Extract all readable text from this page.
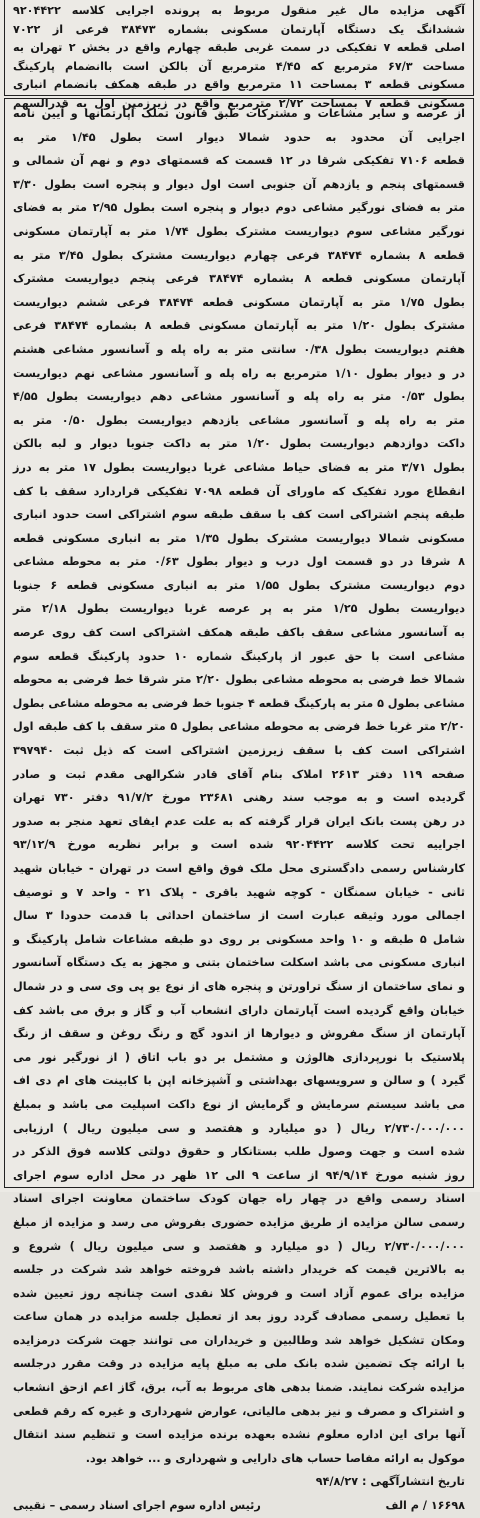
آگهی مزایده مال غیر منقول مربوط به پرونده اجرایی کلاسه ۹۲۰۴۴۲۲
ششدانگ یک دستگاه آپارتمان مسکونی بشماره ۳۸۴۷۳ فرعی از ۷۰۲۲
اصلی قطعه ۷ تفکیکی در سمت غربی طبقه چهارم واقع در بخش ۲ تهران به
مساحت ۶۷/۳ مترمربع که ۴/۴۵ مترمربع آن بالکن است باانضمام پارکینگ
مسکونی قطعه ۳ بمساحت ۱۱ مترمربع واقع در طبقه همکف بانضمام انباری
مسکونی قطعه ۷ بمساحت ۲/۷۲ مترمربع واقع در زیرزمین اول به قدرالسهم
از عرصه و سایر مشاعات و مشترکات طبق قانون تملک آپارتمانها و آیین نامه
اجرایی آن محدود به حدود شمالا دیوار است بطول ۱/۴۵ متر به
قطعه ۷۱۰۶ تفکیکی شرقا در ۱۲ قسمت که قسمتهای دوم و نهم آن شمالی و
قسمتهای پنجم و یازدهم آن جنوبی است اول دیوار و پنجره است بطول ۳/۳۰
متر به فضای نورگیر مشاعی دوم دیوار و پنجره است بطول ۲/۹۵ متر به فضای
نورگیر مشاعی سوم دیواریست مشترک بطول ۱/۷۴ متر به آپارتمان مسکونی
قطعه ۸ بشماره ۳۸۴۷۴ فرعی چهارم دیواریست مشترک بطول ۳/۴۵ متر به
آپارتمان مسکونی قطعه ۸ بشماره ۳۸۴۷۴ فرعی پنجم دیواریست مشترک
بطول ۱/۷۵ متر به آپارتمان مسکونی قطعه ۳۸۴۷۴ فرعی ششم دیواریست
مشترک بطول ۱/۲۰ متر به آپارتمان مسکونی قطعه ۸ بشماره ۳۸۴۷۴ فرعی
هفتم دیواریست بطول ۰/۳۸ سانتی متر به راه پله و آسانسور مشاعی هشتم
در و دیوار بطول ۱/۱۰ مترمربع به راه پله و آسانسور مشاعی نهم دیواریست
بطول ۰/۵۳ متر به راه پله و آسانسور مشاعی دهم دیواریست بطول ۴/۵۵
متر به راه پله و آسانسور مشاعی یازدهم دیواریست بطول ۰/۵۰ متر به
داکت دوازدهم دیواریست بطول ۱/۲۰ متر به داکت جنوبا دیوار و لبه بالکن
بطول ۳/۷۱ متر به فضای حیاط مشاعی غربا دیواریست بطول ۱۷ متر به درز
انقطاع مورد تفکیک که ماورای آن قطعه ۷۰۹۸ تفکیکی قراردارد سقف با کف
طبقه پنجم اشتراکی است کف با سقف طبقه سوم اشتراکی است حدود انباری
مسکونی شمالا دیواریست مشترک بطول ۱/۳۵ متر به انباری مسکونی قطعه
۸ شرقا در دو قسمت اول درب و دیوار بطول ۰/۶۳ متر به محوطه مشاعی
دوم دیواریست مشترک بطول ۱/۵۵ متر به انباری مسکونی قطعه ۶ جنوبا
دیواریست بطول ۱/۲۵ متر به پر عرصه غربا دیواریست بطول ۲/۱۸ متر
به آسانسور مشاعی سقف باکف طبقه همکف اشتراکی است کف روی عرصه
مشاعی است با حق عبور از پارکینگ شماره ۱۰ حدود پارکینگ قطعه سوم
شمالا خط فرضی به محوطه مشاعی بطول ۲/۲۰ متر شرقا خط فرضی به محوطه
مشاعی بطول ۵ متر به پارکینگ قطعه ۴ جنوبا خط فرضی به محوطه مشاعی بطول
۲/۲۰ متر غربا خط فرضی به محوطه مشاعی بطول ۵ متر سقف با کف طبقه اول
اشتراکی است کف با سقف زیرزمین اشتراکی است که ذیل ثبت ۳۹۷۹۴۰
صفحه ۱۱۹ دفتر ۲۶۱۳ املاک بنام آقای قادر شکرالهی مقدم ثبت و صادر
گردیده است و به موجب سند رهنی ۲۳۶۸۱ مورخ ۹۱/۷/۲ دفتر ۷۳۰ تهران
در رهن پست بانک ایران قرار گرفته که به علت عدم ایفای تعهد منجر به صدور
اجراییه تحت کلاسه ۹۲۰۴۴۲۲ شده است و برابر نظریه مورخ ۹۳/۱۲/۹
کارشناس رسمی دادگستری محل ملک فوق واقع است در تهران - خیابان شهید
ثانی - خیابان سمنگان - کوچه شهید باقری - پلاک ۲۱ - واحد ۷ و توصیف
اجمالی مورد وثیقه عبارت است از ساختمان احداثی با قدمت حدودا ۳ سال
شامل ۵ طبقه و ۱۰ واحد مسکونی بر روی دو طبقه مشاعات شامل پارکینگ و
انباری مسکونی می باشد اسکلت ساختمان بتنی و مجهز به یک دستگاه آسانسور
و نمای ساختمان از سنگ تراورتن و پنجره های از نوع یو پی وی سی و در شمال
خیابان واقع گردیده است آپارتمان دارای انشعاب آب و گاز و برق می باشد کف
آپارتمان از سنگ مفروش و دیوارها از اندود گچ و رنگ روغن و سقف از رنگ
پلاستیک با نورپردازی هالوژن و مشتمل بر دو باب اتاق ( از نورگیر نور می
گیرد ) و سالن و سرویسهای بهداشتی و آشپزخانه اپن با کابینت های ام دی اف
می باشد سیستم سرمایش و گرمایش از نوع داکت اسپلیت می باشد و بمبلغ
۲/۷۳۰/۰۰۰/۰۰۰ ریال ( دو میلیارد و هفتصد و سی میلیون ریال ) ارزیابی
شده است و جهت وصول طلب بستانکار و حقوق دولتی کلاسه فوق الذکر در
روز شنبه مورخ ۹۴/۹/۱۴ از ساعت ۹ الی ۱۲ ظهر در محل اداره سوم اجرای
اسناد رسمی واقع در چهار راه جهان کودک ساختمان معاونت اجرای اسناد
رسمی سالن مزایده از طریق مزایده حضوری بفروش می رسد و مزایده از مبلغ
۲/۷۳۰/۰۰۰/۰۰۰ ریال ( دو میلیارد و هفتصد و سی میلیون ریال ) شروع و
به بالاترین قیمت که خریدار داشته باشد فروخته خواهد شد شرکت در جلسه
مزایده برای عموم آزاد است و فروش کلا نقدی است چنانچه روز تعیین شده
با تعطیل رسمی مصادف گردد روز بعد از تعطیل جلسه مزایده در همان ساعت
ومکان تشکیل خواهد شد وطالبین و خریداران می توانند جهت شرکت درمزایده
با ارائه چک تضمین شده بانک ملی به مبلغ پایه مزایده در وقت مقرر درجلسه
مزایده شرکت نمایند. ضمنا بدهی های مربوط به آب، برق، گاز اعم ازحق انشعاب
و اشتراک و مصرف و نیز بدهی مالیاتی، عوارض شهرداری و غیره که رقم قطعی
آنها برای این اداره معلوم نشده بعهده برنده مزایده است و تنظیم سند انتقال
موکول به ارائه مفاصا حساب های دارایی و شهرداری و ... خواهد بود.
تاریخ انتشارآگهی : ۹۴/۸/۲۷
۱۶۶۹۸ / م الف
رئیس اداره سوم اجرای اسناد رسمی – نقیبی
